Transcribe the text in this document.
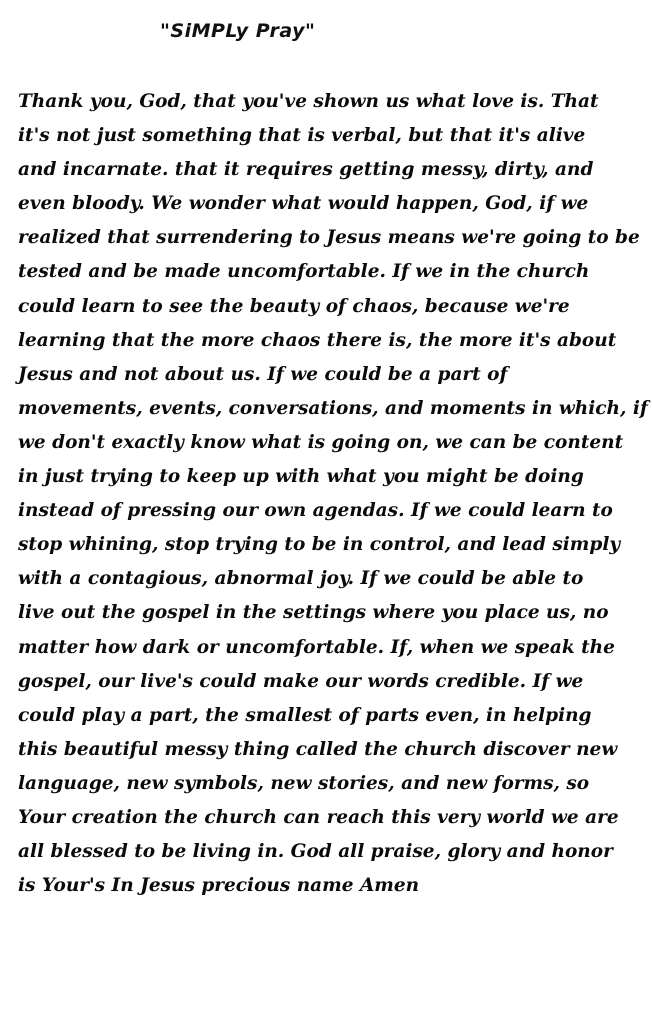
"SiMPLy Pray"
Thank you, God, that you've shown us what love is. That
it's not just something that is verbal, but that it's alive
and incarnate. that it requires getting messy, dirty, and
even bloody. We wonder what would happen, God, if we
realized that surrendering to Jesus means we're going to be
tested and be made uncomfortable. If we in the church
could learn to see the beauty of chaos, because we're
learning that the more chaos there is, the more it's about
Jesus and not about us. If we could be a part of
movements, events, conversations, and moments in which, if
we don't exactly know what is going on, we can be content
in just trying to keep up with what you might be doing
instead of pressing our own agendas. If we could learn to
stop whining, stop trying to be in control, and lead simply
with a contagious, abnormal joy. If we could be able to
live out the gospel in the settings where you place us, no
matter how dark or uncomfortable. If, when we speak the
gospel, our live's could make our words credible. If we
could play a part, the smallest of parts even, in helping
this beautiful messy thing called the church discover new
language, new symbols, new stories, and new forms, so
Your creation the church can reach this very world we are
all blessed to be living in. God all praise, glory and honor
is Your's In Jesus precious name Amen
